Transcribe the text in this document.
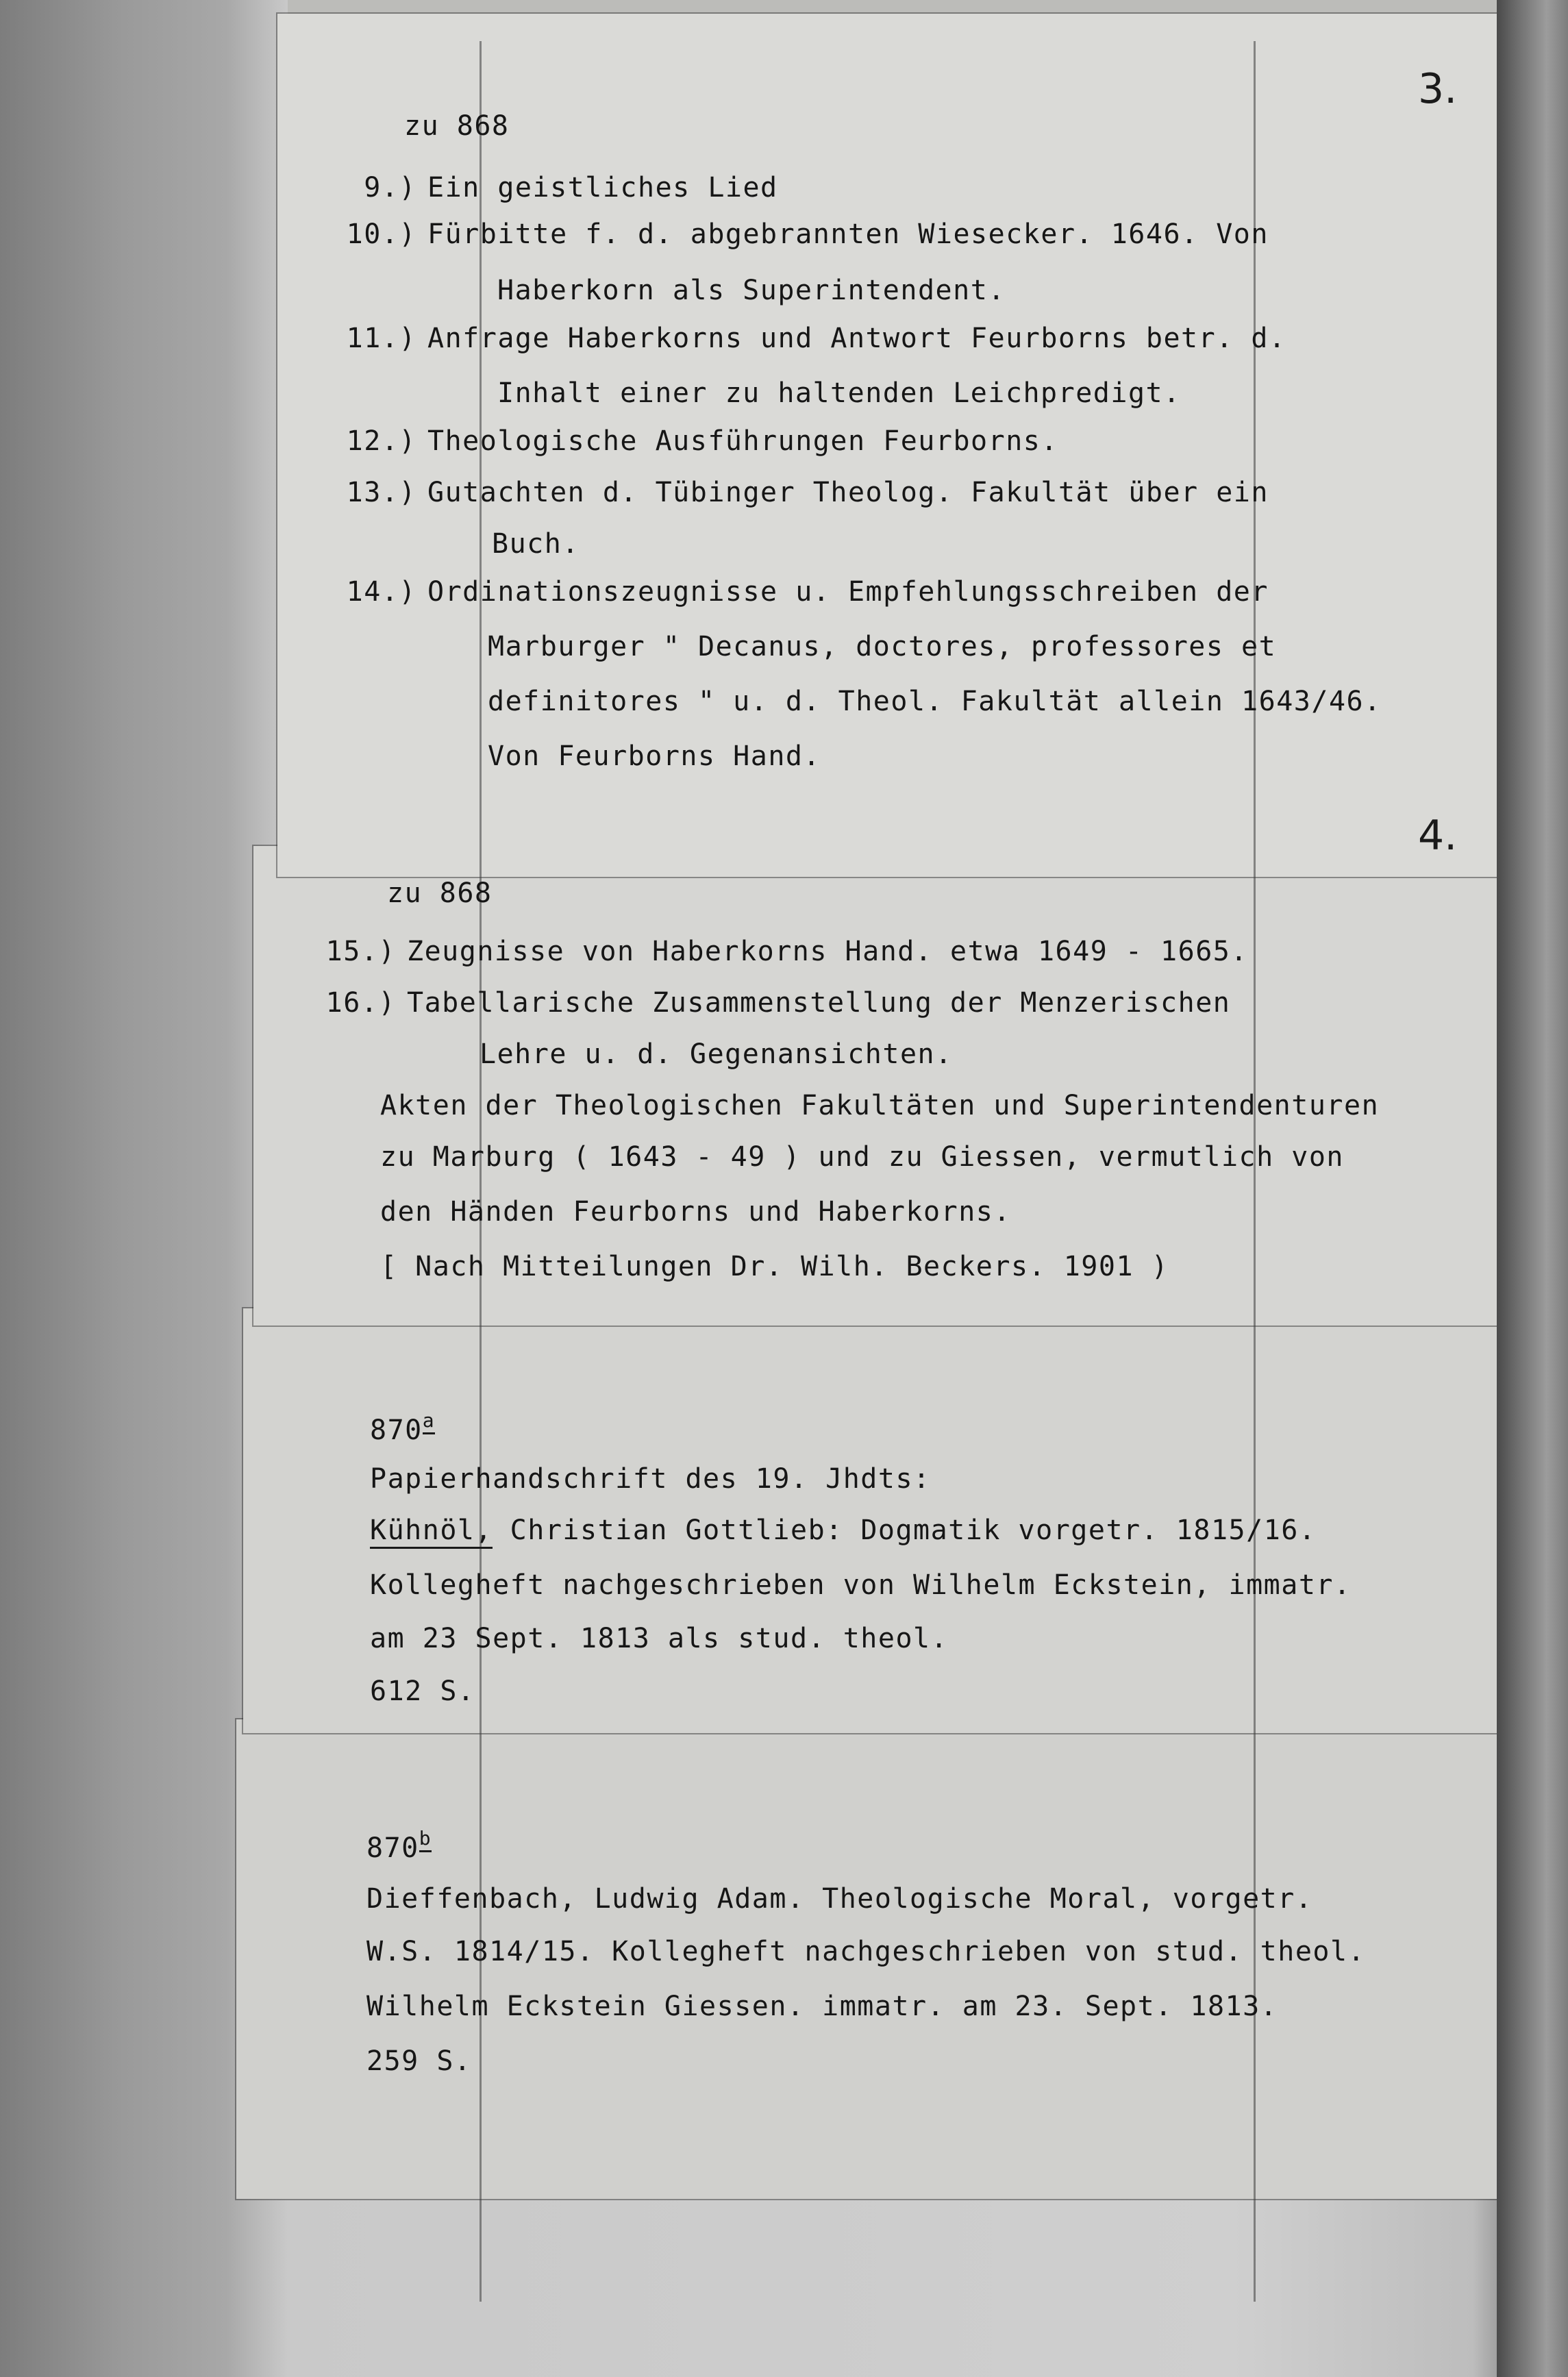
3.
4.
zu 868
9.) Ein geistliches Lied
10.) Fürbitte f. d. abgebrannten Wiesecker. 1646. Von
Haberkorn als Superintendent.
11.) Anfrage Haberkorns und Antwort Feurborns betr. d.
Inhalt einer zu haltenden Leichpredigt.
12.) Theologische Ausführungen Feurborns.
13.) Gutachten d. Tübinger Theolog. Fakultät über ein
Buch.
14.) Ordinationszeugnisse u. Empfehlungsschreiben der
Marburger " Decanus, doctores, professores et
definitores " u. d. Theol. Fakultät allein 1643/46.
Von Feurborns Hand.
zu 868
15.) Zeugnisse von Haberkorns Hand. etwa 1649 - 1665.
16.) Tabellarische Zusammenstellung der Menzerischen
Lehre u. d. Gegenansichten.
Akten der Theologischen Fakultäten und Superintendenturen
zu Marburg ( 1643 - 49 ) und zu Giessen, vermutlich von
den Händen Feurborns und Haberkorns.
[ Nach Mitteilungen Dr. Wilh. Beckers. 1901 )
870$^a$
Papierhandschrift des 19. Jhdts:
Kühnöl, Christian Gottlieb: Dogmatik vorgetr. 1815/16.
Kollegheft nachgeschrieben von Wilhelm Eckstein, immatr.
am 23 Sept. 1813 als stud. theol.
612 S.
870$^b$
Dieffenbach, Ludwig Adam. Theologische Moral, vorgetr.
W.S. 1814/15. Kollegheft nachgeschrieben von stud. theol.
Wilhelm Eckstein Giessen. immatr. am 23. Sept. 1813.
259 S.
